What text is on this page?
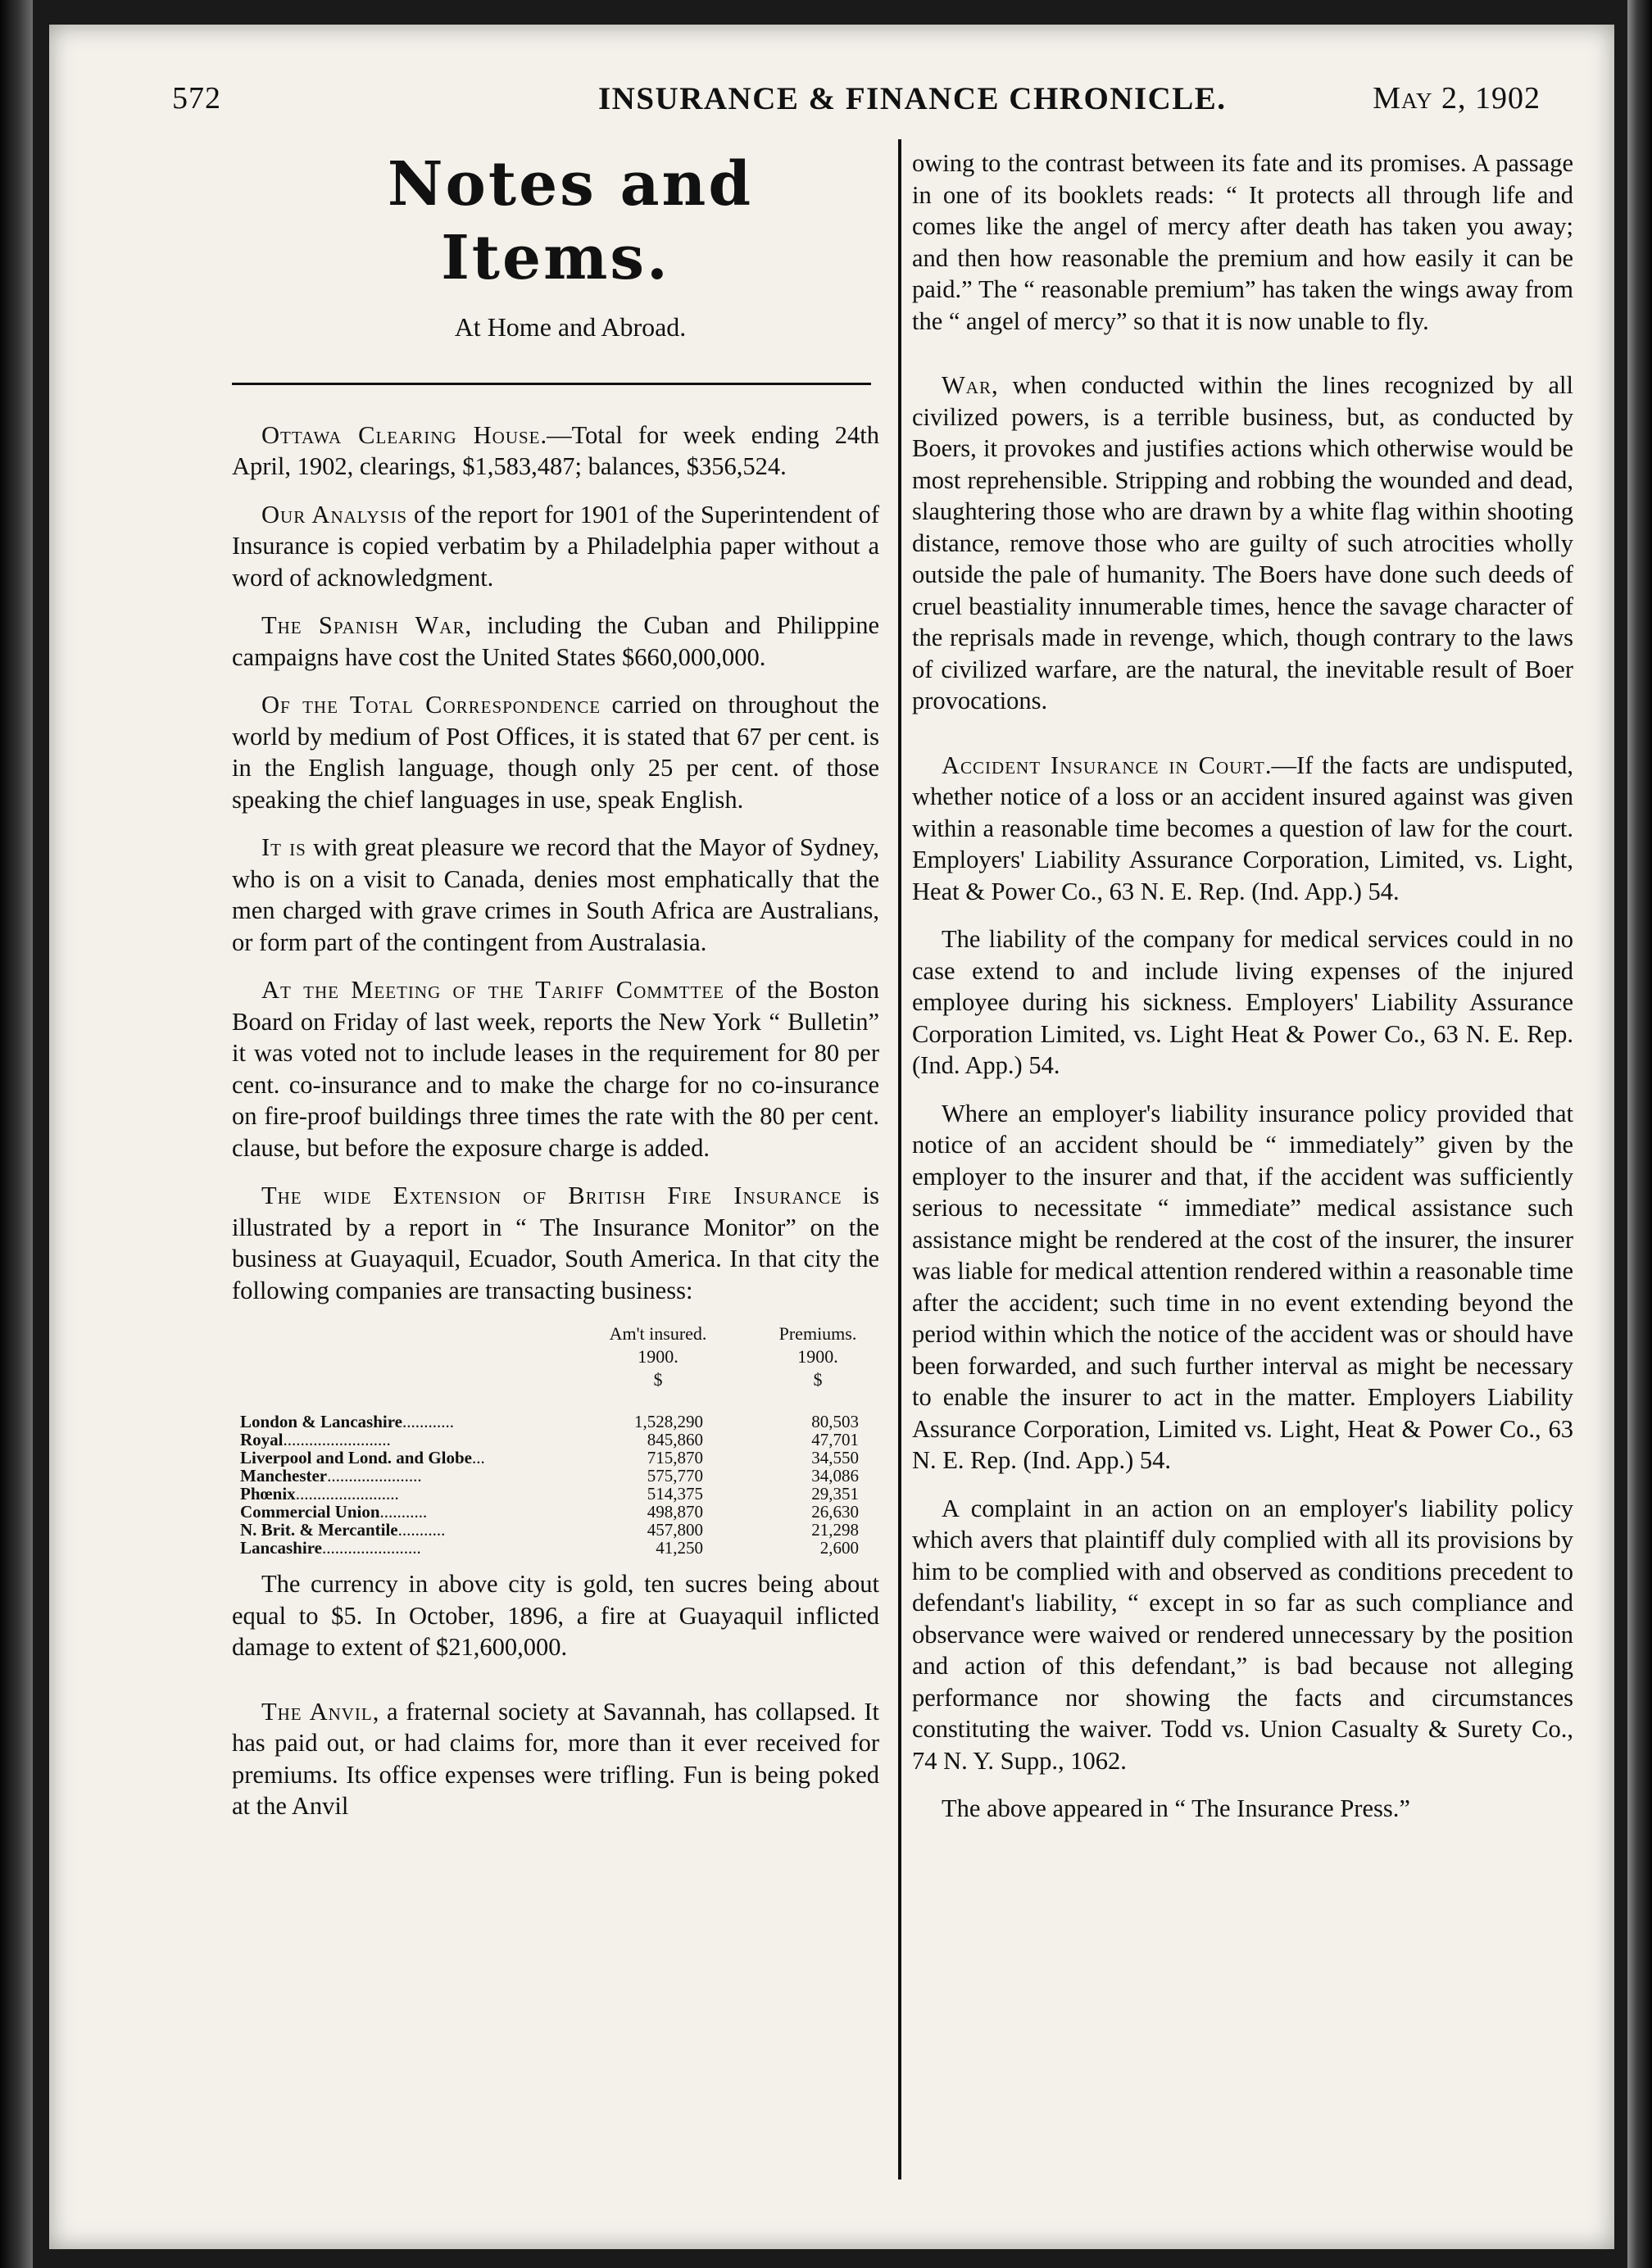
572	INSURANCE & FINANCE CHRONICLE.	May 2, 1902

Notes and Items.

At Home and Abroad.

Ottawa Clearing House.—Total for week ending 24th April, 1902, clearings, $1,583,487; balances, $356,524.

Our Analysis of the report for 1901 of the Superintendent of Insurance is copied verbatim by a Philadelphia paper without a word of acknowledgment.

The Spanish War, including the Cuban and Philippine campaigns have cost the United States $660,000,000.

Of the Total Correspondence carried on throughout the world by medium of Post Offices, it is stated that 67 per cent. is in the English language, though only 25 per cent. of those speaking the chief languages in use, speak English.

It is with great pleasure we record that the Mayor of Sydney, who is on a visit to Canada, denies most emphatically that the men charged with grave crimes in South Africa are Australians, or form part of the contingent from Australasia.

At the Meeting of the Tariff Commttee of the Boston Board on Friday of last week, reports the New York “ Bulletin” it was voted not to include leases in the requirement for 80 per cent. co-insurance and to make the charge for no co-insurance on fire-proof buildings three times the rate with the 80 per cent. clause, but before the exposure charge is added.

The wide Extension of British Fire Insurance is illustrated by a report in “ The Insurance Monitor” on the business at Guayaquil, Ecuador, South America. In that city the following companies are transacting business:

Am't insured.
1900.
$
Premiums.
1900.
$
London & Lancashire............	1,528,290	80,503
Royal.........................	845,860	47,701
Liverpool and Lond. and Globe...	715,870	34,550
Manchester......................	575,770	34,086
Phœnix........................	514,375	29,351
Commercial Union...........	498,870	26,630
N. Brit. & Mercantile...........	457,800	21,298
Lancashire.......................	41,250	2,600

The currency in above city is gold, ten sucres being about equal to $5. In October, 1896, a fire at Guayaquil inflicted damage to extent of $21,600,000.

The Anvil, a fraternal society at Savannah, has collapsed. It has paid out, or had claims for, more than it ever received for premiums. Its office expenses were trifling. Fun is being poked at the Anvil

owing to the contrast between its fate and its promises. A passage in one of its booklets reads: “ It protects all through life and comes like the angel of mercy after death has taken you away; and then how reasonable the premium and how easily it can be paid.” The “ reasonable premium” has taken the wings away from the “ angel of mercy” so that it is now unable to fly.

War, when conducted within the lines recognized by all civilized powers, is a terrible business, but, as conducted by Boers, it provokes and justifies actions which otherwise would be most reprehensible. Stripping and robbing the wounded and dead, slaughtering those who are drawn by a white flag within shooting distance, remove those who are guilty of such atrocities wholly outside the pale of humanity. The Boers have done such deeds of cruel beastiality innumerable times, hence the savage character of the reprisals made in revenge, which, though contrary to the laws of civilized warfare, are the natural, the inevitable result of Boer provocations.

Accident Insurance in Court.—If the facts are undisputed, whether notice of a loss or an accident insured against was given within a reasonable time becomes a question of law for the court. Employers' Liability Assurance Corporation, Limited, vs. Light, Heat & Power Co., 63 N. E. Rep. (Ind. App.) 54.

The liability of the company for medical services could in no case extend to and include living expenses of the injured employee during his sickness. Employers' Liability Assurance Corporation Limited, vs. Light Heat & Power Co., 63 N. E. Rep. (Ind. App.) 54.

Where an employer's liability insurance policy provided that notice of an accident should be “ immediately” given by the employer to the insurer and that, if the accident was sufficiently serious to necessitate “ immediate” medical assistance such assistance might be rendered at the cost of the insurer, the insurer was liable for medical attention rendered within a reasonable time after the accident; such time in no event extending beyond the period within which the notice of the accident was or should have been forwarded, and such further interval as might be necessary to enable the insurer to act in the matter. Employers Liability Assurance Corporation, Limited vs. Light, Heat & Power Co., 63 N. E. Rep. (Ind. App.) 54.

A complaint in an action on an employer's liability policy which avers that plaintiff duly complied with all its provisions by him to be complied with and observed as conditions precedent to defendant's liability, “ except in so far as such compliance and observance were waived or rendered unnecessary by the position and action of this defendant,” is bad because not alleging performance nor showing the facts and circumstances constituting the waiver. Todd vs. Union Casualty & Surety Co., 74 N. Y. Supp., 1062.

The above appeared in “ The Insurance Press.”
